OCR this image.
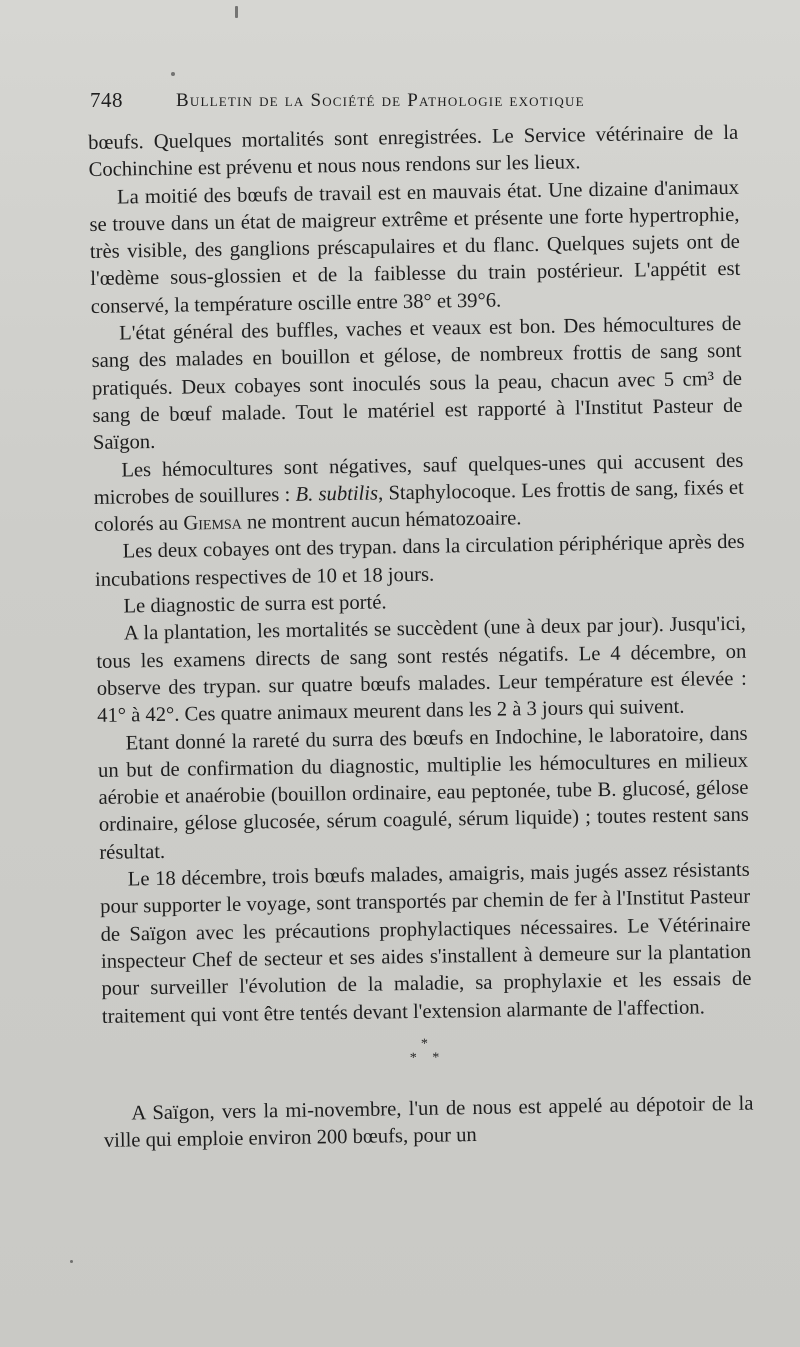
748	Bulletin de la Société de Pathologie exotique

bœufs. Quelques mortalités sont enregistrées. Le Service vétérinaire de la Cochinchine est prévenu et nous nous rendons sur les lieux.

La moitié des bœufs de travail est en mauvais état. Une dizaine d'animaux se trouve dans un état de maigreur extrême et présente une forte hypertrophie, très visible, des ganglions préscapulaires et du flanc. Quelques sujets ont de l'œdème sous-glossien et de la faiblesse du train postérieur. L'appétit est conservé, la température oscille entre 38° et 39°6.

L'état général des buffles, vaches et veaux est bon. Des hémocultures de sang des malades en bouillon et gélose, de nombreux frottis de sang sont pratiqués. Deux cobayes sont inoculés sous la peau, chacun avec 5 cm³ de sang de bœuf malade. Tout le matériel est rapporté à l'Institut Pasteur de Saïgon.

Les hémocultures sont négatives, sauf quelques-unes qui accusent des microbes de souillures : B. subtilis, Staphylocoque. Les frottis de sang, fixés et colorés au Giemsa ne montrent aucun hématozoaire.

Les deux cobayes ont des trypan. dans la circulation périphérique après des incubations respectives de 10 et 18 jours.

Le diagnostic de surra est porté.

A la plantation, les mortalités se succèdent (une à deux par jour). Jusqu'ici, tous les examens directs de sang sont restés négatifs. Le 4 décembre, on observe des trypan. sur quatre bœufs malades. Leur température est élevée : 41° à 42°. Ces quatre animaux meurent dans les 2 à 3 jours qui suivent.

Etant donné la rareté du surra des bœufs en Indochine, le laboratoire, dans un but de confirmation du diagnostic, multiplie les hémocultures en milieux aérobie et anaérobie (bouillon ordinaire, eau peptonée, tube B. glucosé, gélose ordinaire, gélose glucosée, sérum coagulé, sérum liquide) ; toutes restent sans résultat.

Le 18 décembre, trois bœufs malades, amaigris, mais jugés assez résistants pour supporter le voyage, sont transportés par chemin de fer à l'Institut Pasteur de Saïgon avec les précautions prophylactiques nécessaires. Le Vétérinaire inspecteur Chef de secteur et ses aides s'installent à demeure sur la plantation pour surveiller l'évolution de la maladie, sa prophylaxie et les essais de traitement qui vont être tentés devant l'extension alarmante de l'affection.

*
* *

A Saïgon, vers la mi-novembre, l'un de nous est appelé au dépotoir de la ville qui emploie environ 200 bœufs, pour un
